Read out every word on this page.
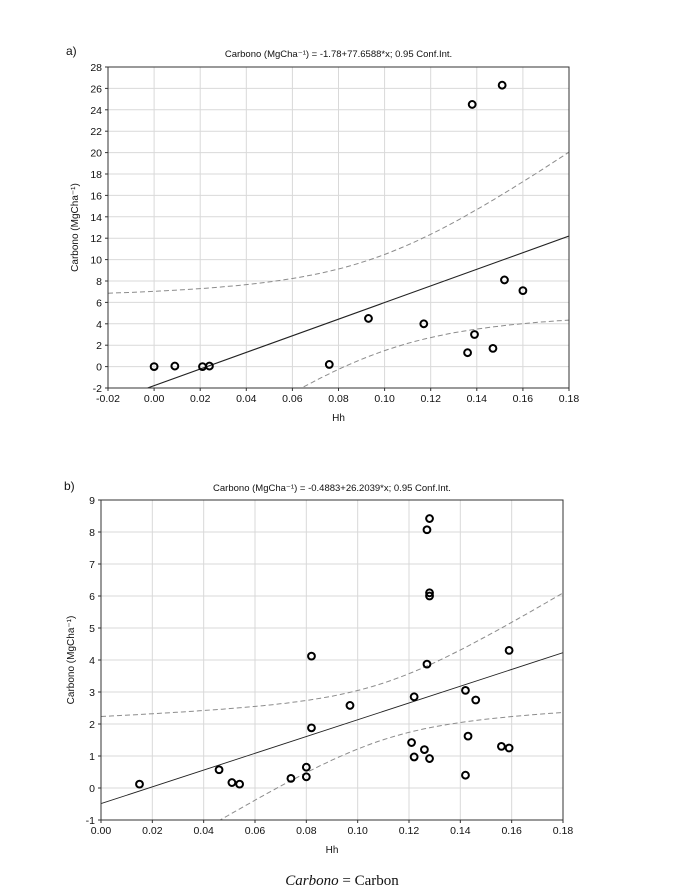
a)	Carbono (MgCha⁻¹) = -1.78+77.6588*x; 0.95 Conf.Int.
-0.02 0.00 0.02 0.04 0.06 0.08 0.10 0.12 0.14 0.16 0.18
-2
0
2
4
6
8
10
12
14
16
18
20
22
24
26
28
Hh
Carbono (MgCha⁻¹)
b)	Carbono (MgCha⁻¹) = -0.4883+26.2039*x; 0.95 Conf.Int.
0.00	0.02	0.04	0.06	0.08	0.10	0.12	0.14	0.16	0.18
-1
0
1
2
3
4
5
6
7
8
9
Hh
Carbono (MgCha⁻¹)
Carbono = Carbon
